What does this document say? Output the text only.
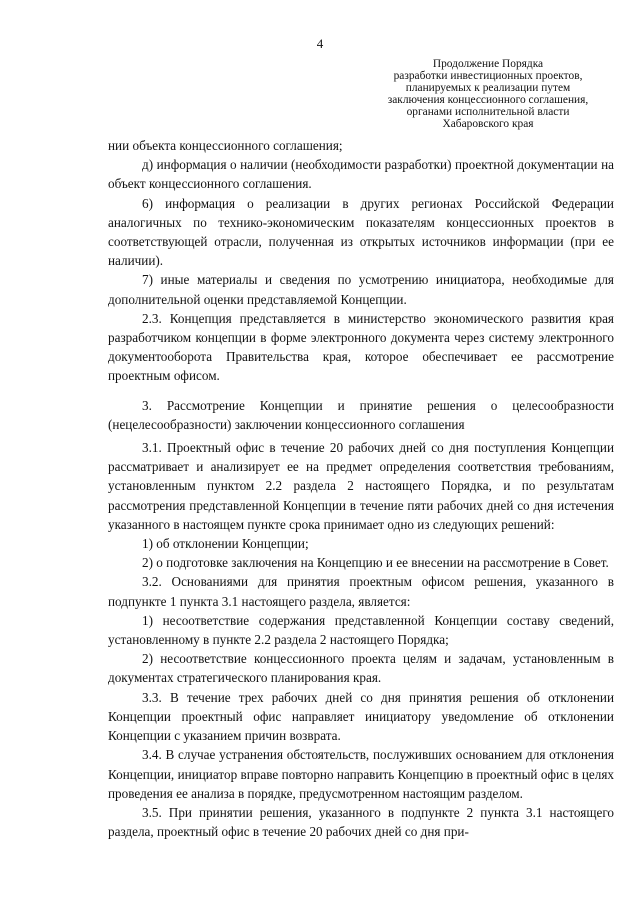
4
Продолжение Порядка
разработки инвестиционных проектов,
планируемых к реализации путем
заключения концессионного соглашения,
органами исполнительной власти
Хабаровского края

нии объекта концессионного соглашения;

д) информация о наличии (необходимости разработки) проектной документации на объект концессионного соглашения.

6) информация о реализации в других регионах Российской Федерации аналогичных по технико-экономическим показателям концессионных проектов в соответствующей отрасли, полученная из открытых источников информации (при ее наличии).

7) иные материалы и сведения по усмотрению инициатора, необходимые для дополнительной оценки представляемой Концепции.

2.3. Концепция представляется в министерство экономического развития края разработчиком концепции в форме электронного документа через систему электронного документооборота Правительства края, которое обеспечивает ее рассмотрение проектным офисом.

3. Рассмотрение Концепции и принятие решения о целесообразности (нецелесообразности) заключении концессионного соглашения

3.1. Проектный офис в течение 20 рабочих дней со дня поступления Концепции рассматривает и анализирует ее на предмет определения соответствия требованиям, установленным пунктом 2.2 раздела 2 настоящего Порядка, и по результатам рассмотрения представленной Концепции в течение пяти рабочих дней со дня истечения указанного в настоящем пункте срока принимает одно из следующих решений:

1) об отклонении Концепции;

2) о подготовке заключения на Концепцию и ее внесении на рассмотрение в Совет.

3.2. Основаниями для принятия проектным офисом решения, указанного в подпункте 1 пункта 3.1 настоящего раздела, является:

1) несоответствие содержания представленной Концепции составу сведений, установленному в пункте 2.2 раздела 2 настоящего Порядка;

2) несоответствие концессионного проекта целям и задачам, установленным в документах стратегического планирования края.

3.3. В течение трех рабочих дней со дня принятия решения об отклонении Концепции проектный офис направляет инициатору уведомление об отклонении Концепции с указанием причин возврата.

3.4. В случае устранения обстоятельств, послуживших основанием для отклонения Концепции, инициатор вправе повторно направить Концепцию в проектный офис в целях проведения ее анализа в порядке, предусмотренном настоящим разделом.

3.5. При принятии решения, указанного в подпункте 2 пункта 3.1 настоящего раздела, проектный офис в течение 20 рабочих дней со дня при-
